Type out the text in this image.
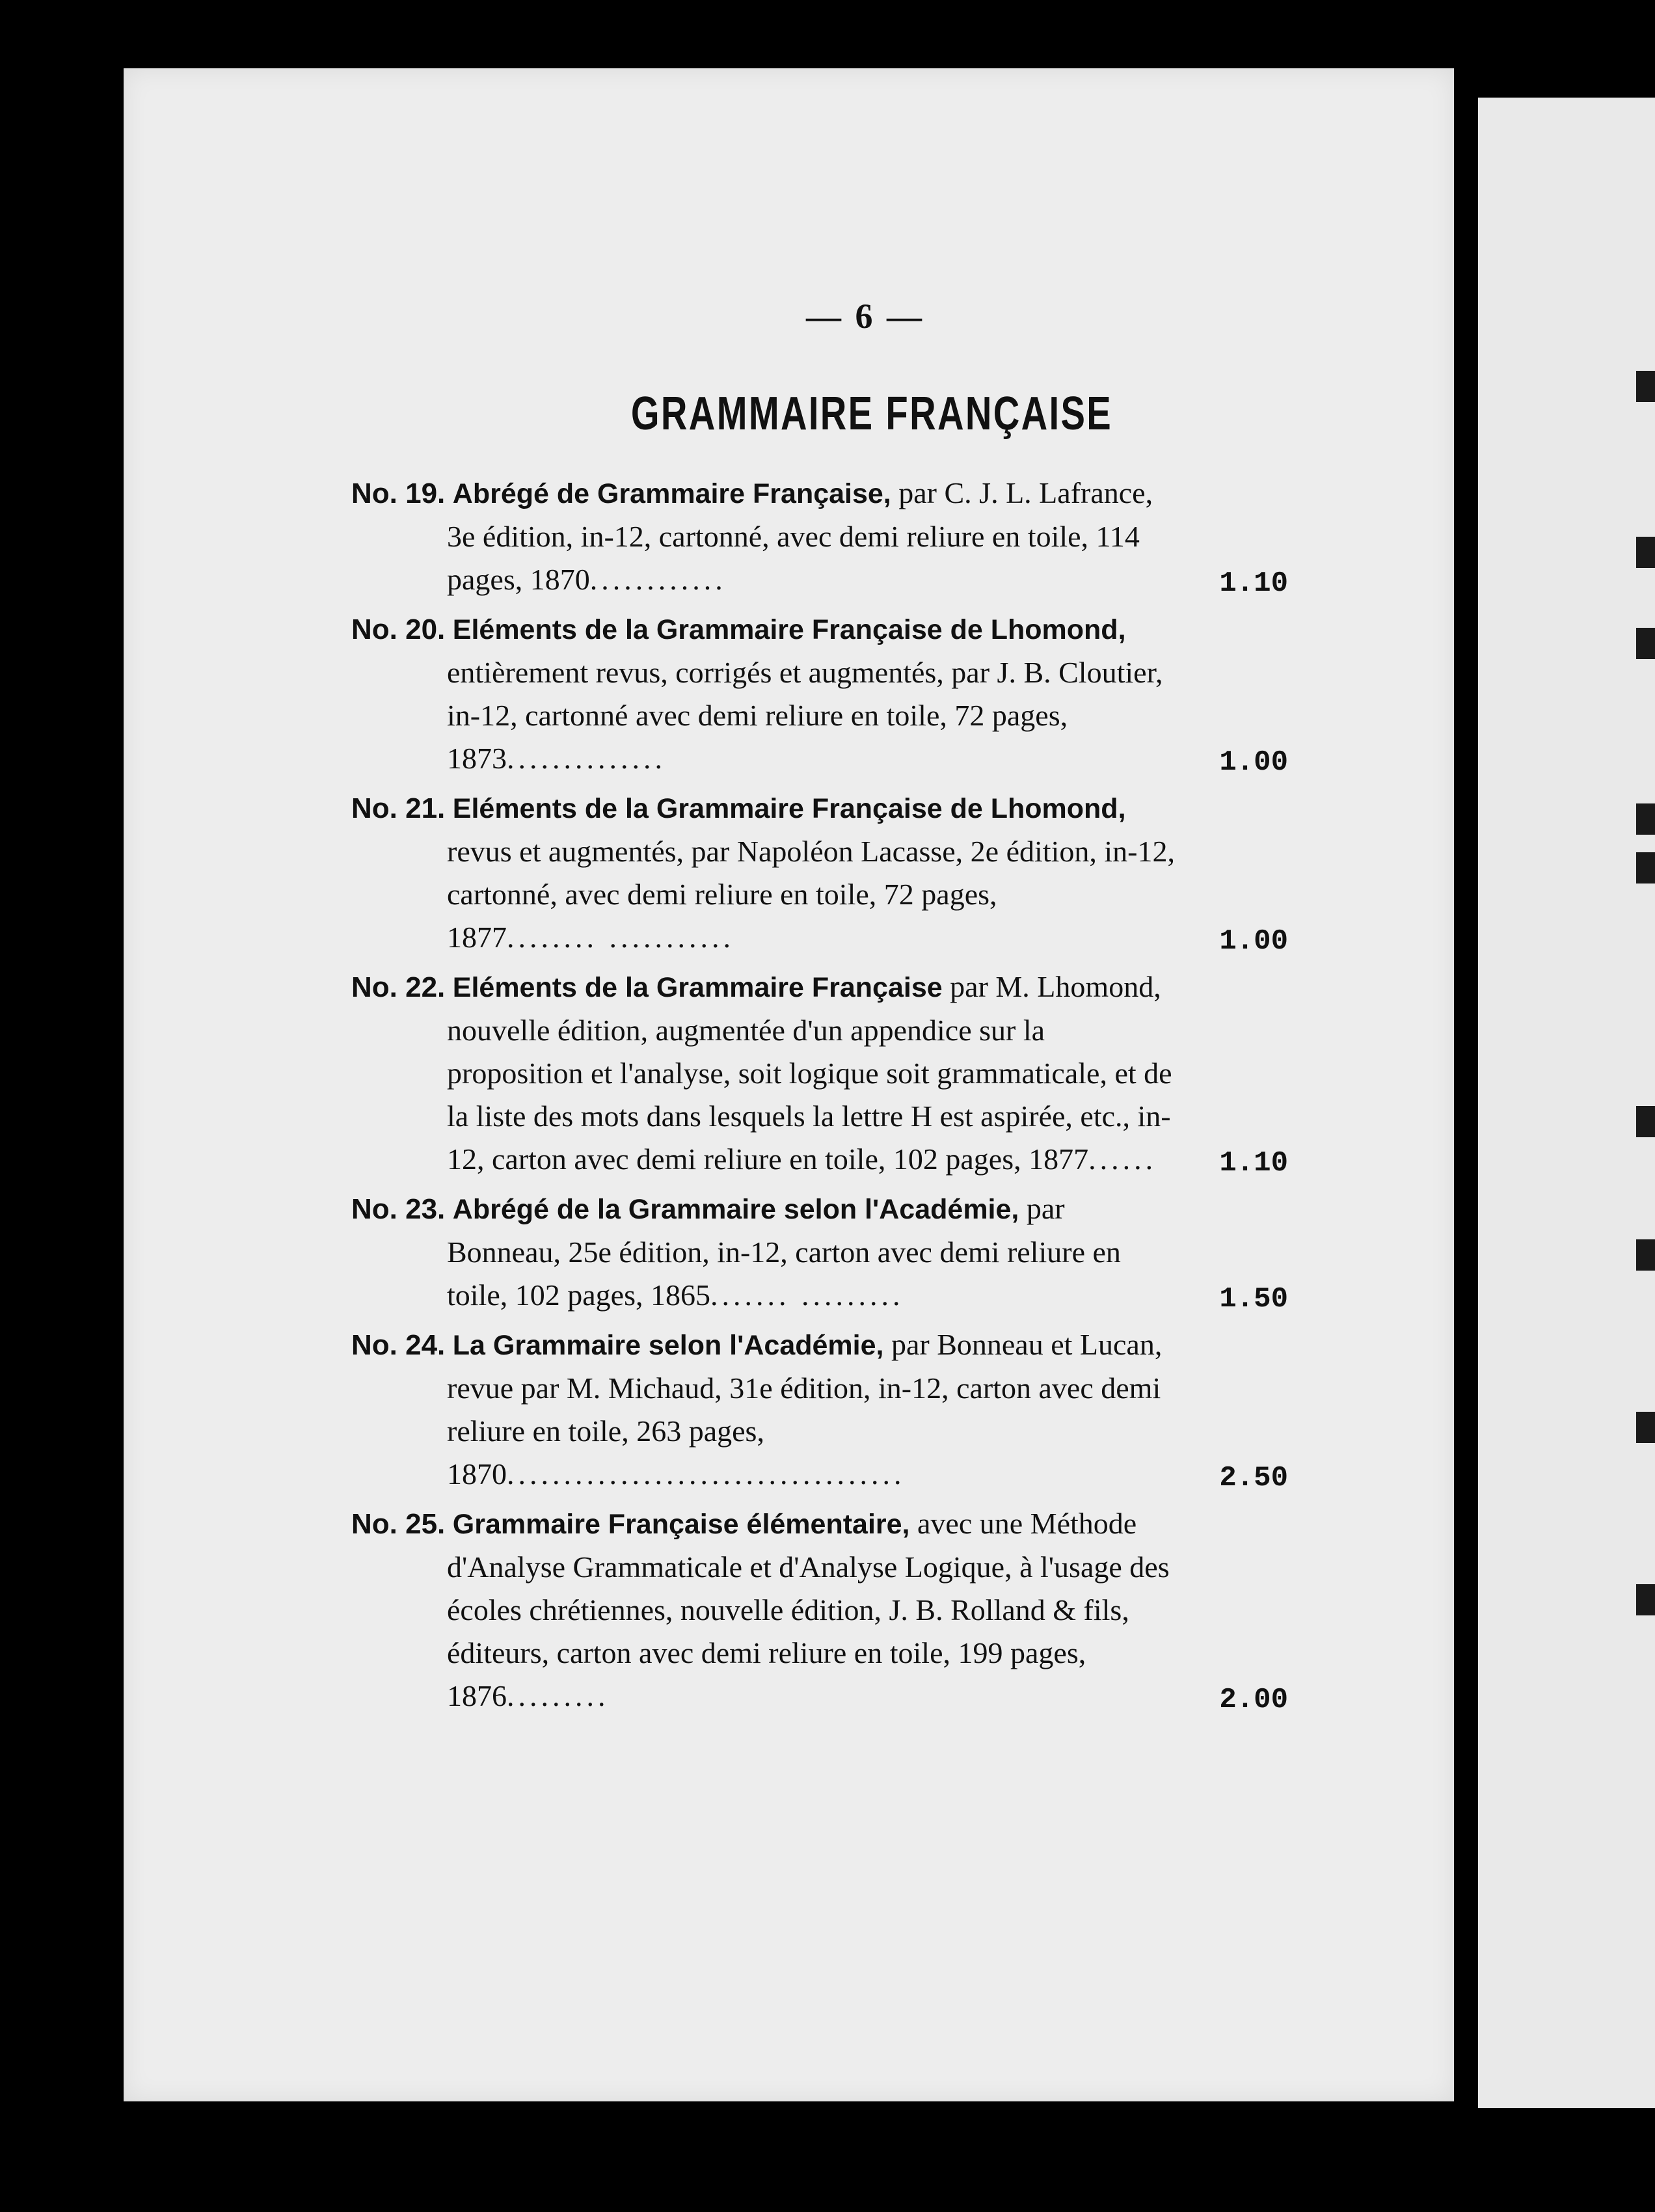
— 6 —
GRAMMAIRE FRANÇAISE
No. 19. Abrégé de Grammaire Française, par C. J. L. Lafrance, 3e édition, in-12, cartonné, avec demi reliure en toile, 114 pages, 1870............	1.10
No. 20. Eléments de la Grammaire Française de Lhomond, entièrement revus, corrigés et augmentés, par J. B. Cloutier, in-12, cartonné avec demi reliure en toile, 72 pages, 1873..............	1.00
No. 21. Eléments de la Grammaire Française de Lhomond, revus et augmentés, par Napoléon Lacasse, 2e édition, in-12, cartonné, avec demi reliure en toile, 72 pages, 1877........ ...........	1.00
No. 22. Eléments de la Grammaire Française par M. Lhomond, nouvelle édition, augmentée d'un appendice sur la proposition et l'analyse, soit logique soit grammaticale, et de la liste des mots dans lesquels la lettre H est aspirée, etc., in-12, carton avec demi reliure en toile, 102 pages, 1877......	1.10
No. 23. Abrégé de la Grammaire selon l'Académie, par Bonneau, 25e édition, in-12, carton avec demi reliure en toile, 102 pages, 1865....... .........	1.50
No. 24. La Grammaire selon l'Académie, par Bonneau et Lucan, revue par M. Michaud, 31e édition, in-12, carton avec demi reliure en toile, 263 pages, 1870...................................	2.50
No. 25. Grammaire Française élémentaire, avec une Méthode d'Analyse Grammaticale et d'Analyse Logique, à l'usage des écoles chrétiennes, nouvelle édition, J. B. Rolland & fils, éditeurs, carton avec demi reliure en toile, 199 pages, 1876.........	2.00
